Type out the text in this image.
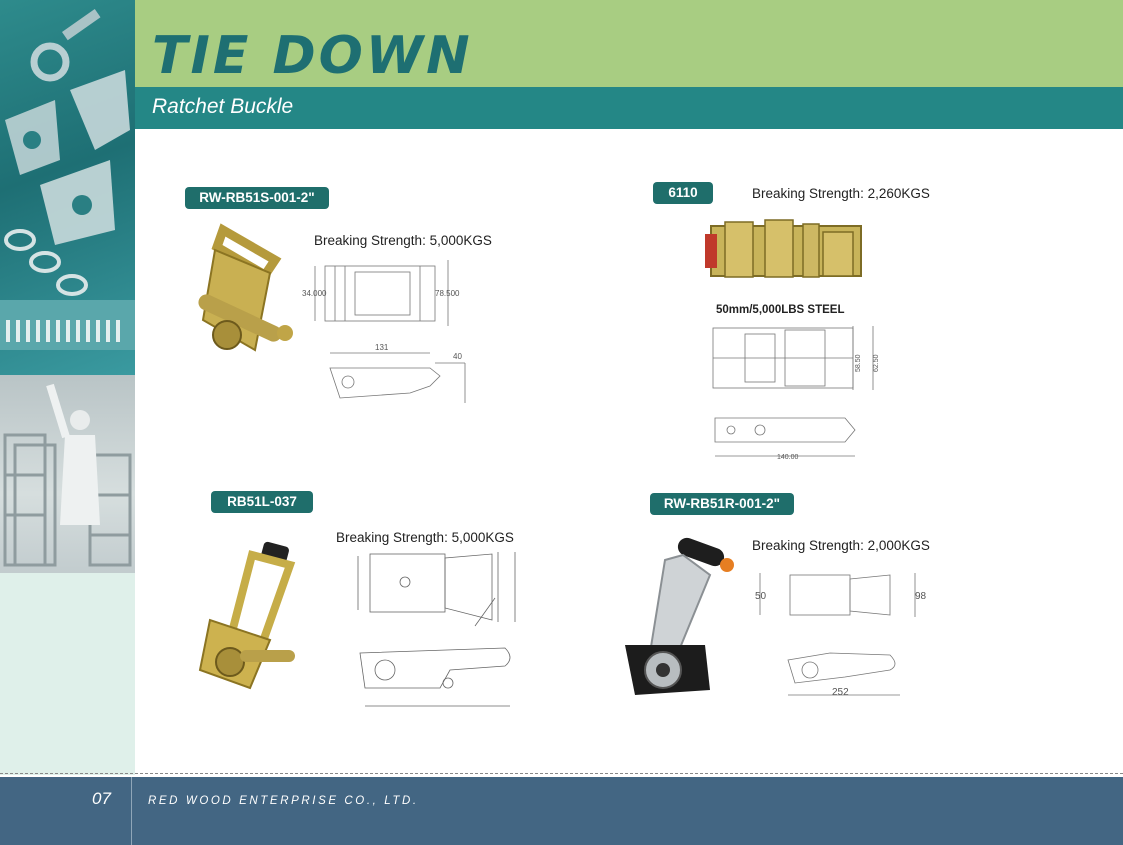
TIE DOWN
Ratchet Buckle
RW-RB51S-001-2"
Breaking Strength: 5,000KGS
34.000	78.500
131
40
6110	Breaking Strength: 2,260KGS
50mm/5,000LBS STEEL
58.50 62.50
140.00
RB51L-037
Breaking Strength: 5,000KGS
RW-RB51R-001-2"
Breaking Strength: 2,000KGS
50	98
252
07	RED WOOD ENTERPRISE CO., LTD.
